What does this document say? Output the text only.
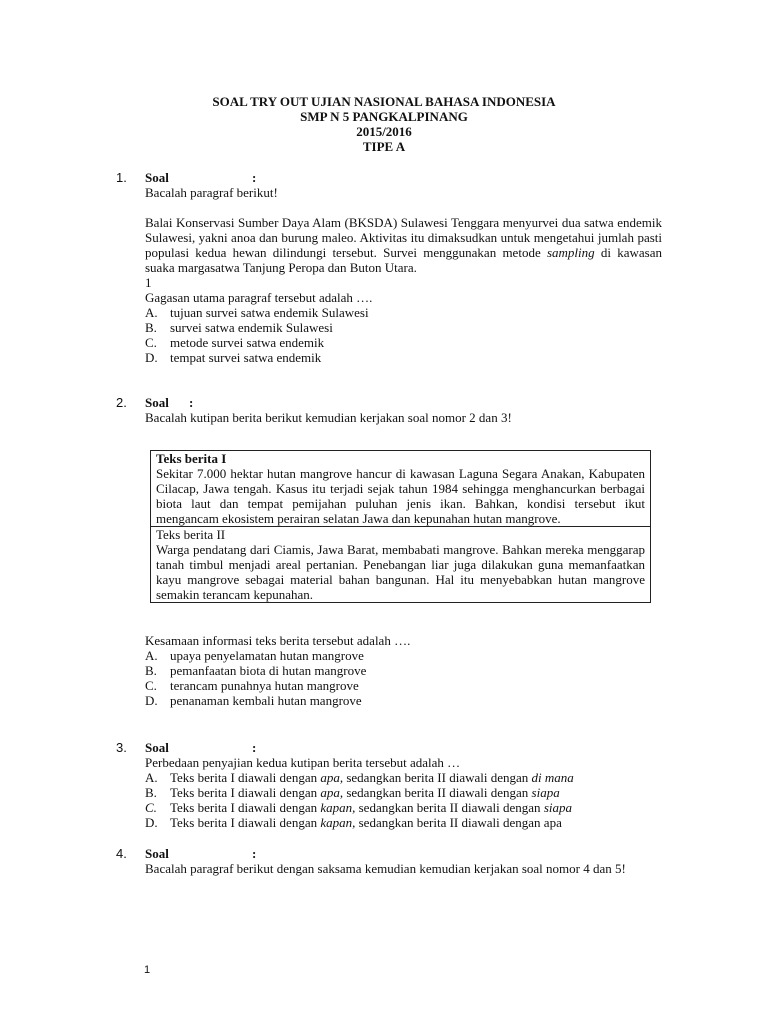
SOAL TRY OUT UJIAN NASIONAL BAHASA INDONESIA
SMP N 5 PANGKALPINANG
2015/2016
TIPE A
1. Soal	:

Bacalah paragraf berikut!

Balai Konservasi Sumber Daya Alam (BKSDA) Sulawesi Tenggara menyurvei dua satwa endemik Sulawesi, yakni anoa dan burung maleo. Aktivitas itu dimaksudkan untuk mengetahui jumlah pasti populasi kedua hewan dilindungi tersebut. Survei menggunakan metode sampling di kawasan suaka margasatwa Tanjung Peropa dan Buton Utara.

1

Gagasan utama paragraf tersebut adalah ….

A. tujuan survei satwa endemik Sulawesi
B. survei satwa endemik Sulawesi
C. metode survei satwa endemik
D. tempat survei satwa endemik
2. Soal :

Bacalah kutipan berita berikut kemudian kerjakan soal nomor 2 dan 3!

Teks berita I
Sekitar 7.000 hektar hutan mangrove hancur di kawasan Laguna Segara Anakan, Kabupaten Cilacap, Jawa tengah. Kasus itu terjadi sejak tahun 1984 sehingga menghancurkan berbagai biota laut dan tempat pemijahan puluhan jenis ikan. Bahkan, kondisi tersebut ikut mengancam ekosistem perairan selatan Jawa dan kepunahan hutan mangrove.
Teks berita II
Warga pendatang dari Ciamis, Jawa Barat, membabati mangrove. Bahkan mereka menggarap tanah timbul menjadi areal pertanian. Penebangan liar juga dilakukan guna memanfaatkan kayu mangrove sebagai material bahan bangunan. Hal itu menyebabkan hutan mangrove semakin terancam kepunahan.

Kesamaan informasi teks berita tersebut adalah ….

A. upaya penyelamatan hutan mangrove
B. pemanfaatan biota di hutan mangrove
C. terancam punahnya hutan mangrove
D. penanaman kembali hutan mangrove
3. Soal	:

Perbedaan penyajian kedua kutipan berita tersebut adalah …

A. Teks berita I diawali dengan apa, sedangkan berita II diawali dengan di mana
B. Teks berita I diawali dengan apa, sedangkan berita II diawali dengan siapa
C. Teks berita I diawali dengan kapan, sedangkan berita II diawali dengan siapa
D. Teks berita I diawali dengan kapan, sedangkan berita II diawali dengan apa
4. Soal	:

Bacalah paragraf berikut dengan saksama kemudian kemudian kerjakan soal nomor 4 dan 5!

1
